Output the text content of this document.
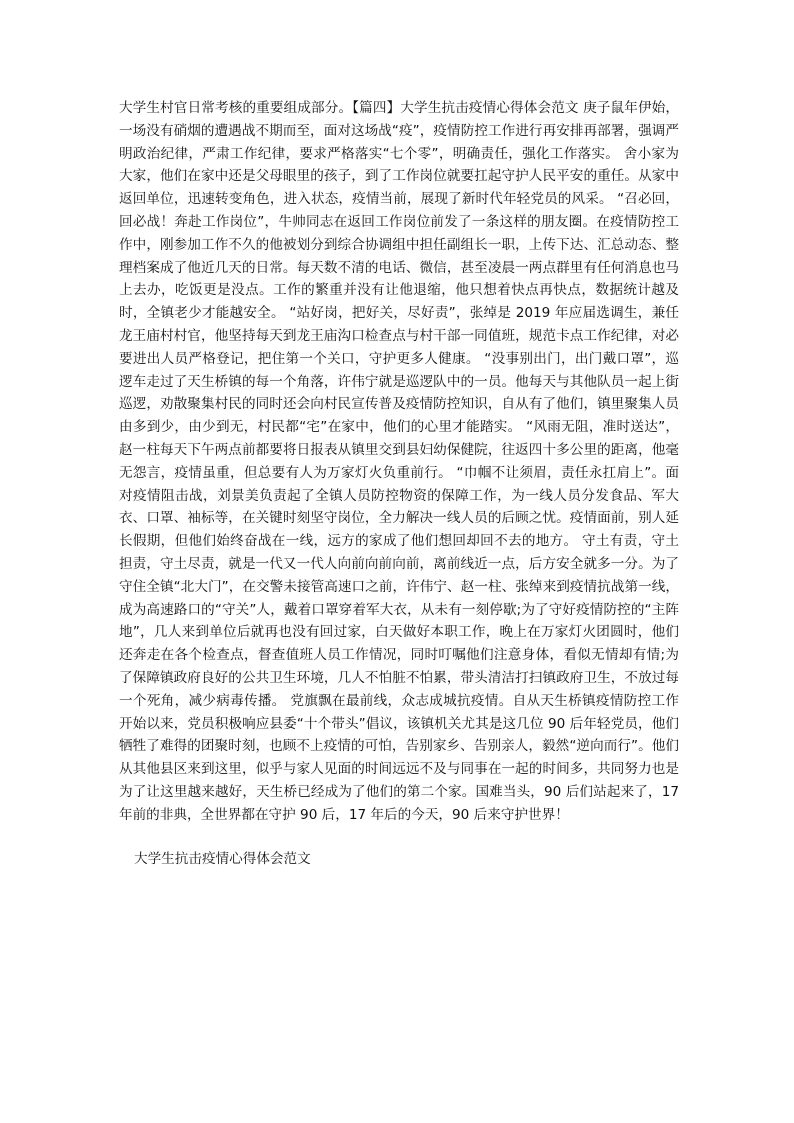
大学生村官日常考核的重要组成部分。【篇四】大学生抗击疫情心得体会范文 庚子鼠年伊始，一场没有硝烟的遭遇战不期而至，面对这场战“疫”，疫情防控工作进行再安排再部署，强调严明政治纪律，严肃工作纪律，要求严格落实“七个零”，明确责任，强化工作落实。 舍小家为大家，他们在家中还是父母眼里的孩子，到了工作岗位就要扛起守护人民平安的重任。从家中返回单位，迅速转变角色，进入状态，疫情当前，展现了新时代年轻党员的风采。 “召必回，回必战！奔赴工作岗位”，牛帅同志在返回工作岗位前发了一条这样的朋友圈。在疫情防控工作中，刚参加工作不久的他被划分到综合协调组中担任副组长一职，上传下达、汇总动态、整理档案成了他近几天的日常。每天数不清的电话、微信，甚至凌晨一两点群里有任何消息也马上去办，吃饭更是没点。工作的繁重并没有让他退缩，他只想着快点再快点，数据统计越及时，全镇老少才能越安全。 “站好岗，把好关，尽好责”，张绰是 2019 年应届选调生，兼任龙王庙村村官，他坚持每天到龙王庙沟口检查点与村干部一同值班，规范卡点工作纪律，对必要进出人员严格登记，把住第一个关口，守护更多人健康。 “没事别出门，出门戴口罩”，巡逻车走过了天生桥镇的每一个角落，许伟宁就是巡逻队中的一员。他每天与其他队员一起上街巡逻，劝散聚集村民的同时还会向村民宣传普及疫情防控知识，自从有了他们，镇里聚集人员由多到少，由少到无，村民都“宅”在家中，他们的心里才能踏实。 “风雨无阻，准时送达”，赵一柱每天下午两点前都要将日报表从镇里交到县妇幼保健院，往返四十多公里的距离，他毫无怨言，疫情虽重，但总要有人为万家灯火负重前行。 “巾帼不让须眉，责任永扛肩上”。面对疫情阻击战，刘景美负责起了全镇人员防控物资的保障工作，为一线人员分发食品、军大衣、口罩、袖标等，在关键时刻坚守岗位，全力解决一线人员的后顾之忧。疫情面前，别人延长假期，但他们始终奋战在一线，远方的家成了他们想回却回不去的地方。 守土有责，守土担责，守土尽责，就是一代又一代人向前向前向前，离前线近一点，后方安全就多一分。为了守住全镇“北大门”，在交警未接管高速口之前，许伟宁、赵一柱、张绰来到疫情抗战第一线，成为高速路口的“守关”人，戴着口罩穿着军大衣，从未有一刻停歇;为了守好疫情防控的“主阵地”，几人来到单位后就再也没有回过家，白天做好本职工作，晚上在万家灯火团圆时，他们还奔走在各个检查点，督查值班人员工作情况，同时叮嘱他们注意身体，看似无情却有情;为了保障镇政府良好的公共卫生环境，几人不怕脏不怕累，带头清洁打扫镇政府卫生，不放过每一个死角，减少病毒传播。 党旗飘在最前线，众志成城抗疫情。自从天生桥镇疫情防控工作开始以来，党员积极响应县委“十个带头”倡议，该镇机关尤其是这几位 90 后年轻党员，他们牺牲了难得的团聚时刻，也顾不上疫情的可怕，告别家乡、告别亲人，毅然“逆向而行”。他们从其他县区来到这里，似乎与家人见面的时间远远不及与同事在一起的时间多，共同努力也是为了让这里越来越好，天生桥已经成为了他们的第二个家。国难当头，90 后们站起来了，17 年前的非典，全世界都在守护 90 后，17 年后的今天，90 后来守护世界！

大学生抗击疫情心得体会范文
